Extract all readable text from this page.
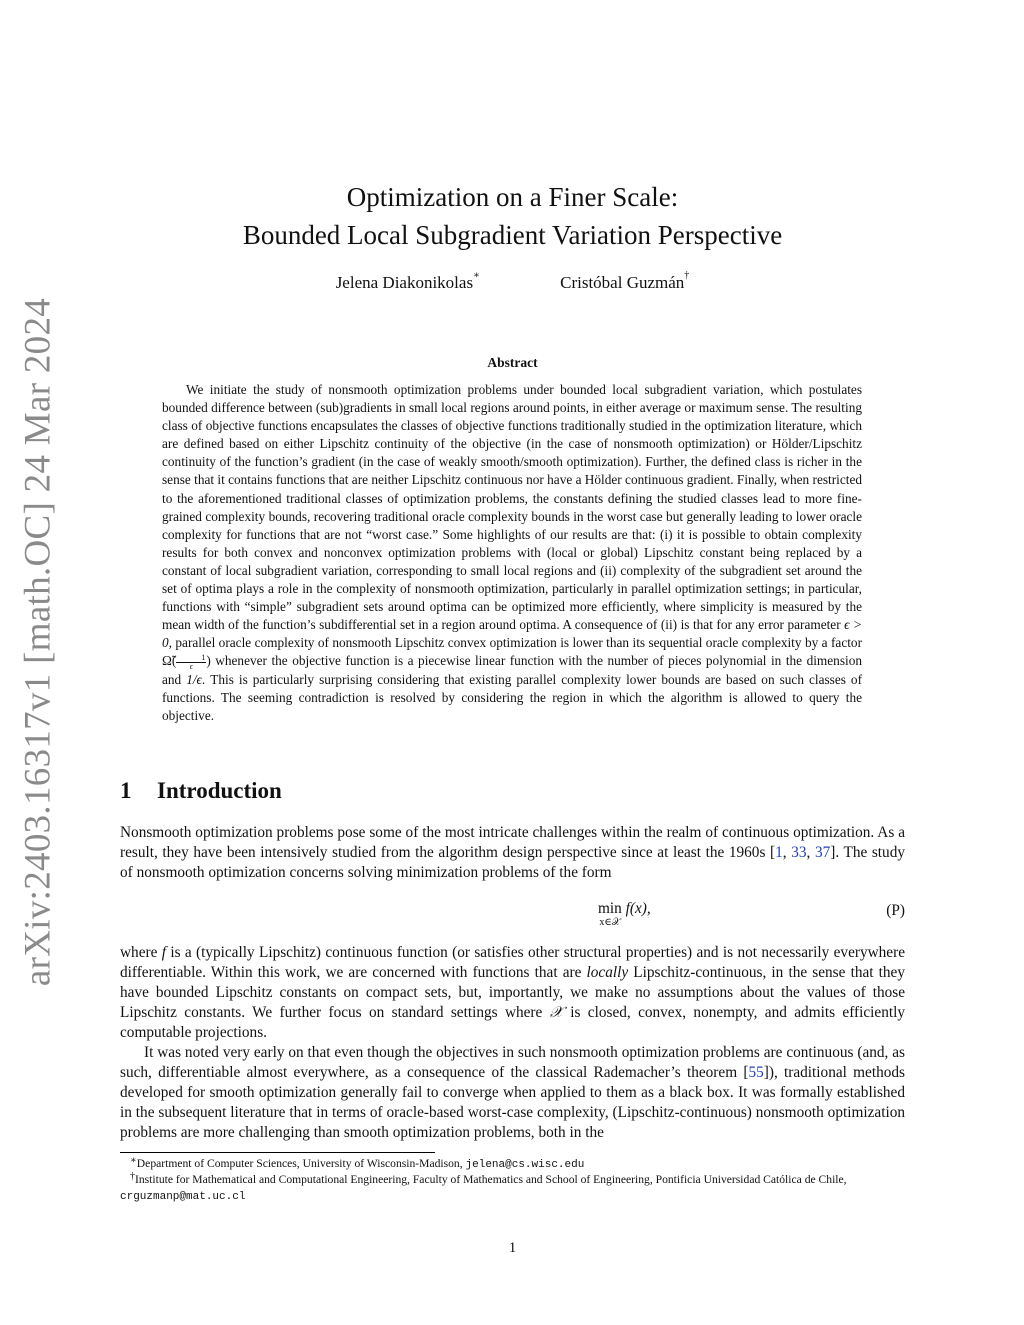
arXiv:2403.16317v1 [math.OC] 24 Mar 2024
Optimization on a Finer Scale:
Bounded Local Subgradient Variation Perspective
Jelena Diakonikolas∗	Cristóbal Guzmán†
Abstract

We initiate the study of nonsmooth optimization problems under bounded local subgradient variation, which postulates bounded difference between (sub)gradients in small local regions around points, in either average or maximum sense. The resulting class of objective functions encapsulates the classes of objective functions traditionally studied in the optimization literature, which are defined based on either Lipschitz continuity of the objective (in the case of nonsmooth optimization) or Hölder/Lipschitz continuity of the function’s gradient (in the case of weakly smooth/smooth optimization). Further, the defined class is richer in the sense that it contains functions that are neither Lipschitz continuous nor have a Hölder continuous gradient. Finally, when restricted to the aforementioned traditional classes of optimization problems, the constants defining the studied classes lead to more fine-grained complexity bounds, recovering traditional oracle complexity bounds in the worst case but generally leading to lower oracle complexity for functions that are not “worst case.” Some highlights of our results are that: (i) it is possible to obtain complexity results for both convex and nonconvex optimization problems with (local or global) Lipschitz constant being replaced by a constant of local subgradient variation, corresponding to small local regions and (ii) complexity of the subgradient set around the set of optima plays a role in the complexity of nonsmooth optimization, particularly in parallel optimization settings; in particular, functions with “simple” subgradient sets around optima can be optimized more efficiently, where simplicity is measured by the mean width of the function’s subdifferential set in a region around optima. A consequence of (ii) is that for any error parameter ϵ > 0, parallel oracle complexity of nonsmooth Lipschitz convex optimization is lower than its sequential oracle complexity by a factor Ω̃( $\frac{1}{\epsilon}$) whenever the objective function is a piecewise linear function with the number of pieces polynomial in the dimension and 1/ϵ. This is particularly surprising considering that existing parallel complexity lower bounds are based on such classes of functions. The seeming contradiction is resolved by considering the region in which the algorithm is allowed to query the objective.

1 Introduction

Nonsmooth optimization problems pose some of the most intricate challenges within the realm of continuous optimization. As a result, they have been intensively studied from the algorithm design perspective since at least the 1960s [1, 33, 37]. The study of nonsmooth optimization concerns solving minimization problems of the form

min
x∈𝒳
f(x),	(P)

where f is a (typically Lipschitz) continuous function (or satisfies other structural properties) and is not necessarily everywhere differentiable. Within this work, we are concerned with functions that are locally Lipschitz-continuous, in the sense that they have bounded Lipschitz constants on compact sets, but, importantly, we make no assumptions about the values of those Lipschitz constants. We further focus on standard settings where 𝒳 is closed, convex, nonempty, and admits efficiently computable projections.

It was noted very early on that even though the objectives in such nonsmooth optimization problems are continuous (and, as such, differentiable almost everywhere, as a consequence of the classical Rademacher’s theorem [55]), traditional methods developed for smooth optimization generally fail to converge when applied to them as a black box. It was formally established in the subsequent literature that in terms of oracle-based worst-case complexity, (Lipschitz-continuous) nonsmooth optimization problems are more challenging than smooth optimization problems, both in the

∗Department of Computer Sciences, University of Wisconsin-Madison, jelena@cs.wisc.edu

†Institute for Mathematical and Computational Engineering, Faculty of Mathematics and School of Engineering, Pontificia Universidad Católica de Chile, crguzmanp@mat.uc.cl

1
